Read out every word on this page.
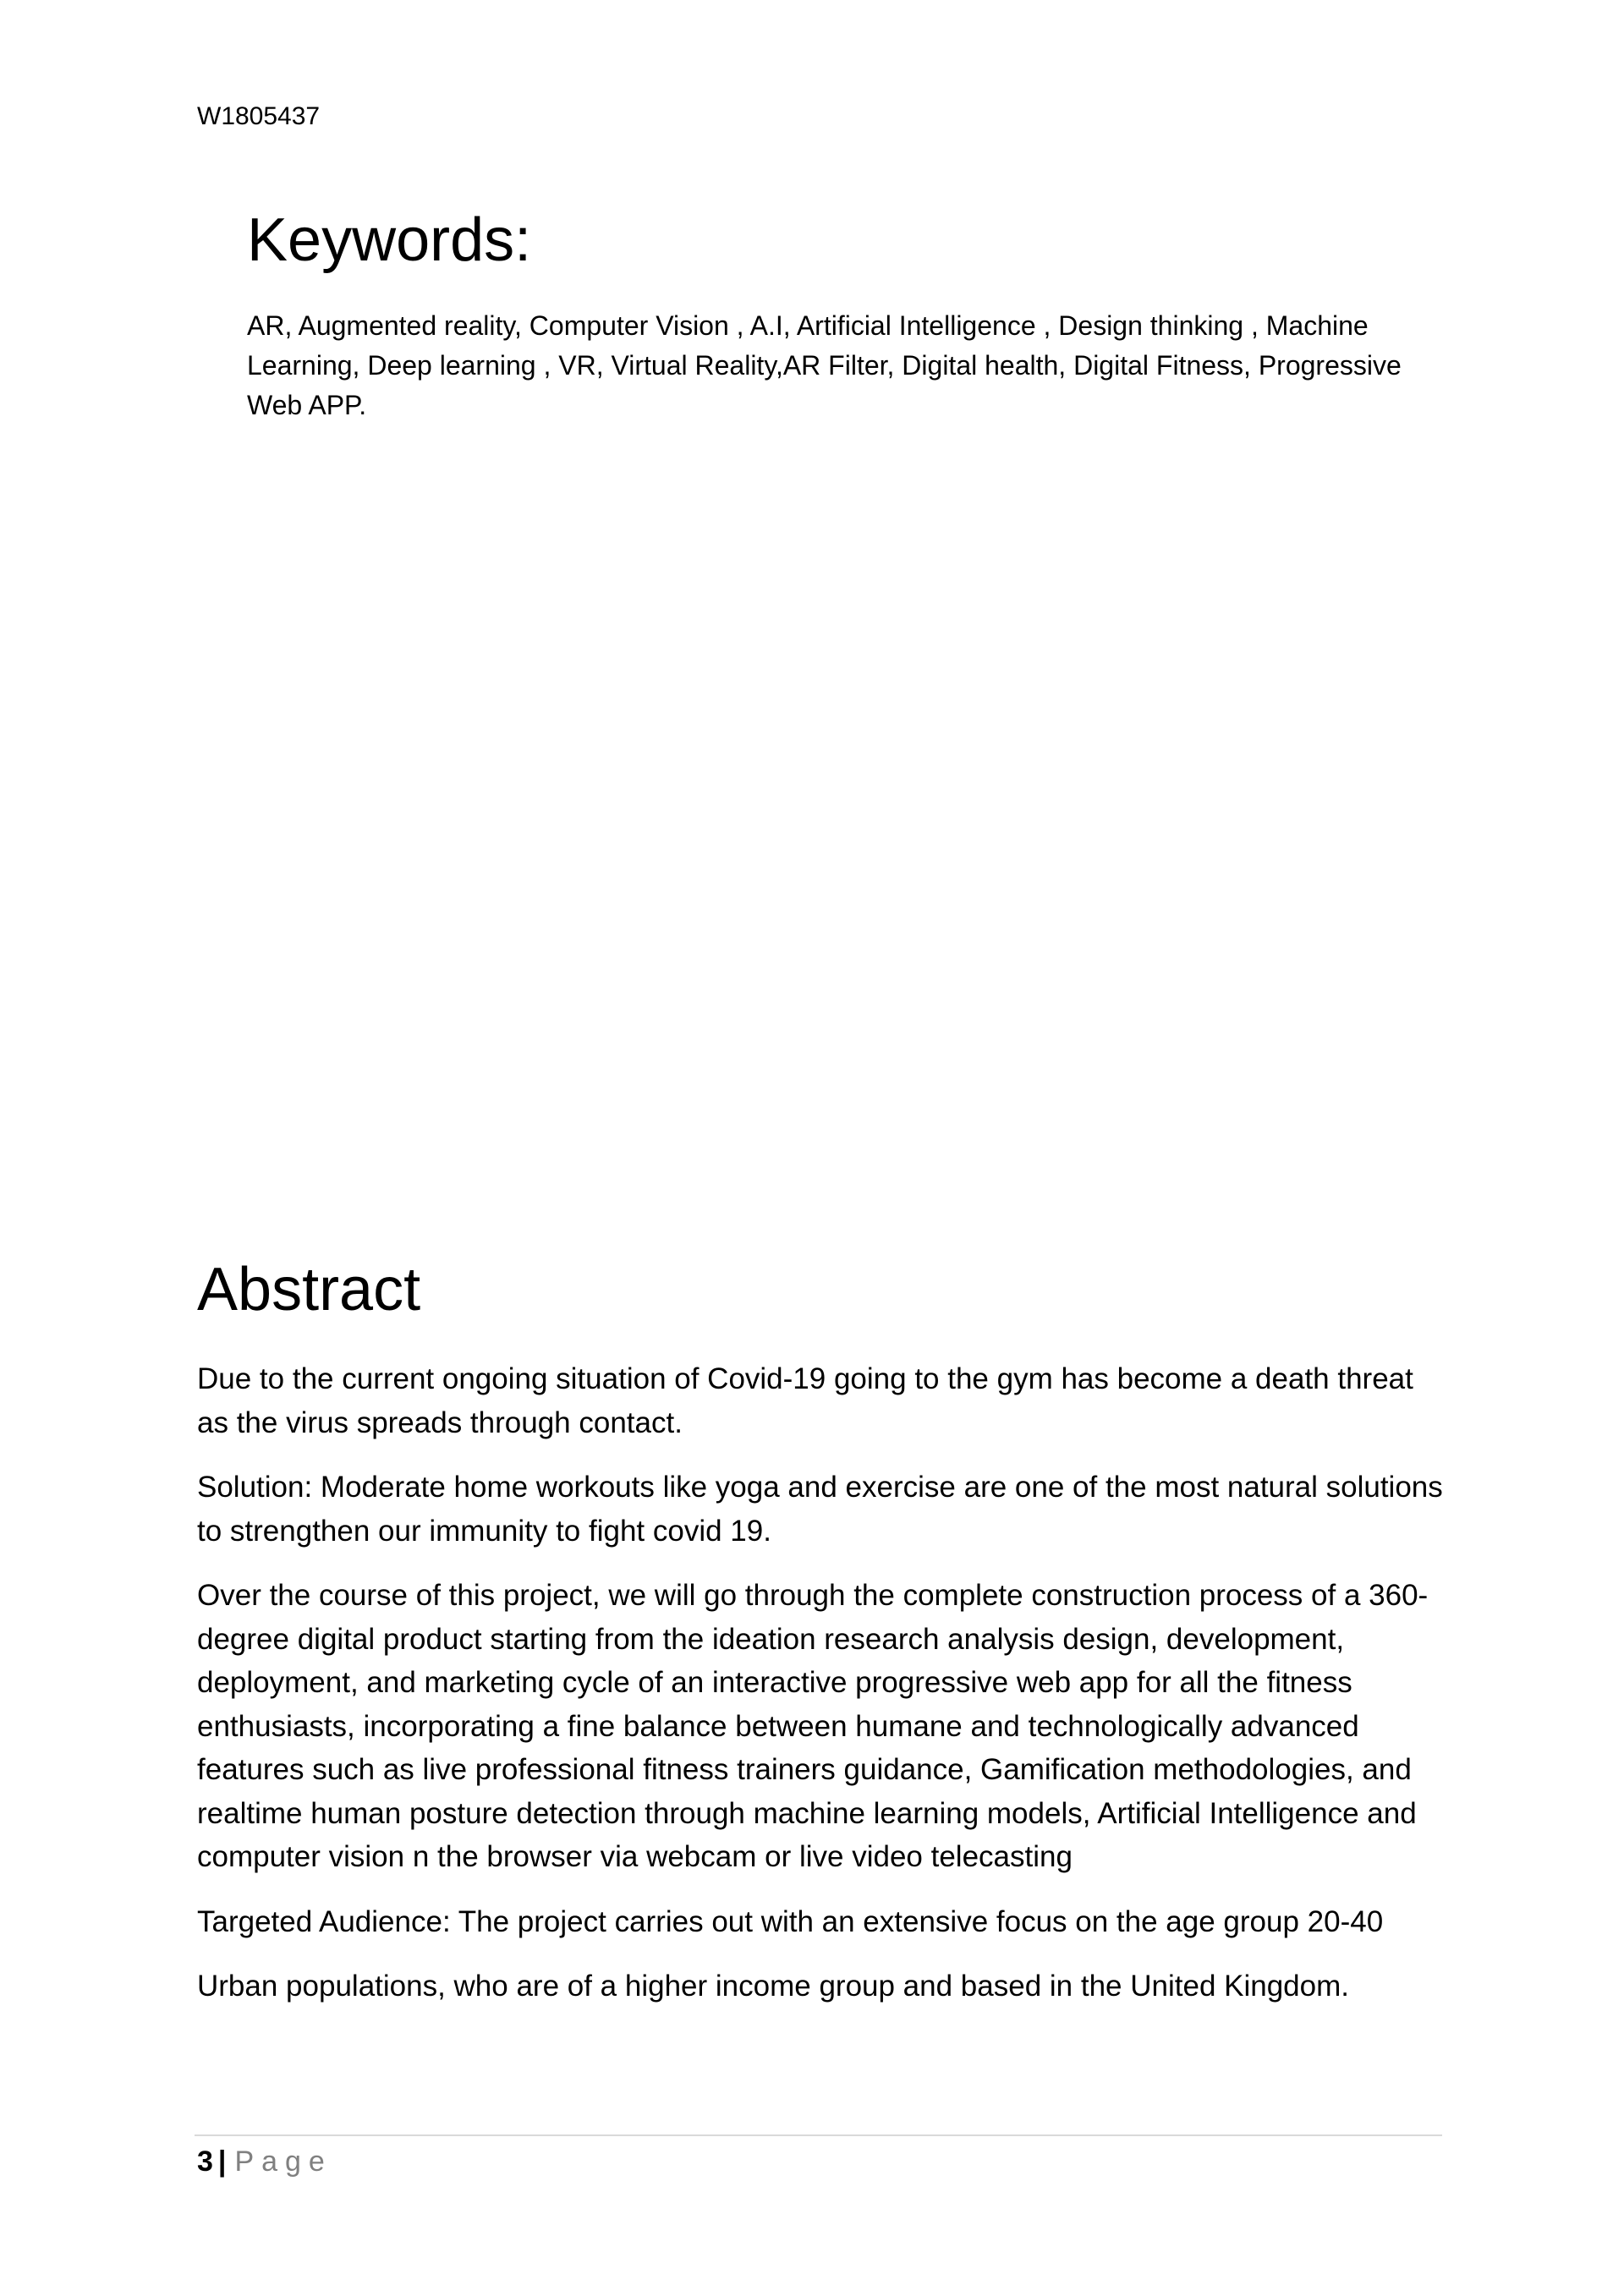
W1805437
Keywords:

AR, Augmented reality, Computer Vision , A.I, Artificial Intelligence , Design thinking , Machine Learning, Deep learning , VR, Virtual Reality,AR Filter, Digital health, Digital Fitness, Progressive Web APP.

Abstract

Due to the current ongoing situation of Covid-19 going to the gym has become a death threat as the virus spreads through contact.

Solution: Moderate home workouts like yoga and exercise are one of the most natural solutions to strengthen our immunity to fight covid 19.

Over the course of this project, we will go through the complete construction process of a 360-degree digital product starting from the ideation research analysis design, development, deployment, and marketing cycle of an interactive progressive web app for all the fitness enthusiasts, incorporating a fine balance between humane and technologically advanced features such as live professional fitness trainers guidance, Gamification methodologies, and realtime human posture detection through machine learning models, Artificial Intelligence and computer vision n the browser via webcam or live video telecasting

Targeted Audience: The project carries out with an extensive focus on the age group 20-40

Urban populations, who are of a higher income group and based in the United Kingdom.

3 | Page
